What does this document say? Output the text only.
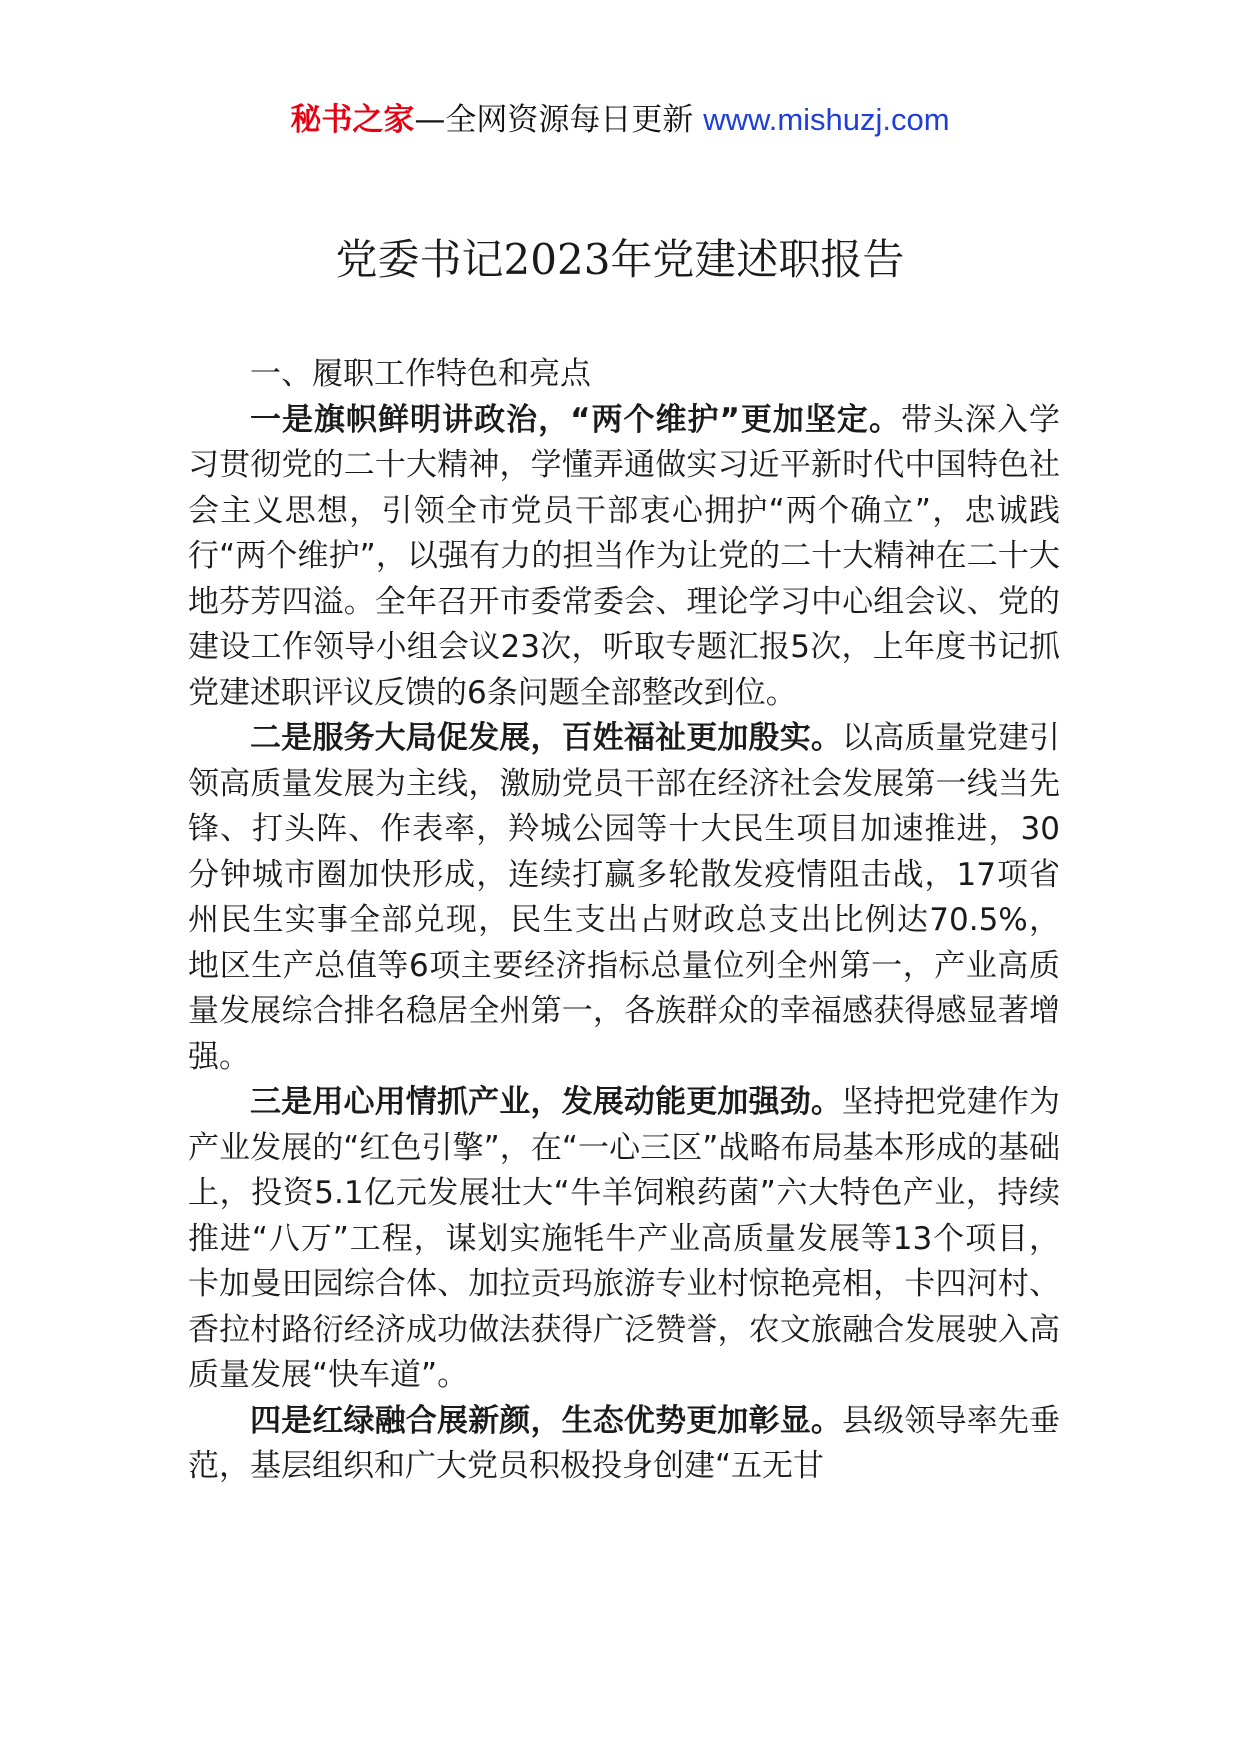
秘书之家—全网资源每日更新 www.mishuzj.com
党委书记2023年党建述职报告

一、履职工作特色和亮点

一是旗帜鲜明讲政治，“两个维护”更加坚定。带头深入学习贯彻党的二十大精神，学懂弄通做实习近平新时代中国特色社会主义思想，引领全市党员干部衷心拥护“两个确立”，忠诚践行“两个维护”，以强有力的担当作为让党的二十大精神在二十大地芬芳四溢。全年召开市委常委会、理论学习中心组会议、党的建设工作领导小组会议23次，听取专题汇报5次，上年度书记抓党建述职评议反馈的6条问题全部整改到位。

二是服务大局促发展，百姓福祉更加殷实。以高质量党建引领高质量发展为主线，激励党员干部在经济社会发展第一线当先锋、打头阵、作表率，羚城公园等十大民生项目加速推进，30分钟城市圈加快形成，连续打赢多轮散发疫情阻击战，17项省州民生实事全部兑现，民生支出占财政总支出比例达70.5%，地区生产总值等6项主要经济指标总量位列全州第一，产业高质量发展综合排名稳居全州第一，各族群众的幸福感获得感显著增强。

三是用心用情抓产业，发展动能更加强劲。坚持把党建作为产业发展的“红色引擎”，在“一心三区”战略布局基本形成的基础上，投资5.1亿元发展壮大“牛羊饲粮药菌”六大特色产业，持续推进“八万”工程，谋划实施牦牛产业高质量发展等13个项目，卡加曼田园综合体、加拉贡玛旅游专业村惊艳亮相，卡四河村、香拉村路衍经济成功做法获得广泛赞誉，农文旅融合发展驶入高质量发展“快车道”。

四是红绿融合展新颜，生态优势更加彰显。县级领导率先垂范，基层组织和广大党员积极投身创建“五无甘
